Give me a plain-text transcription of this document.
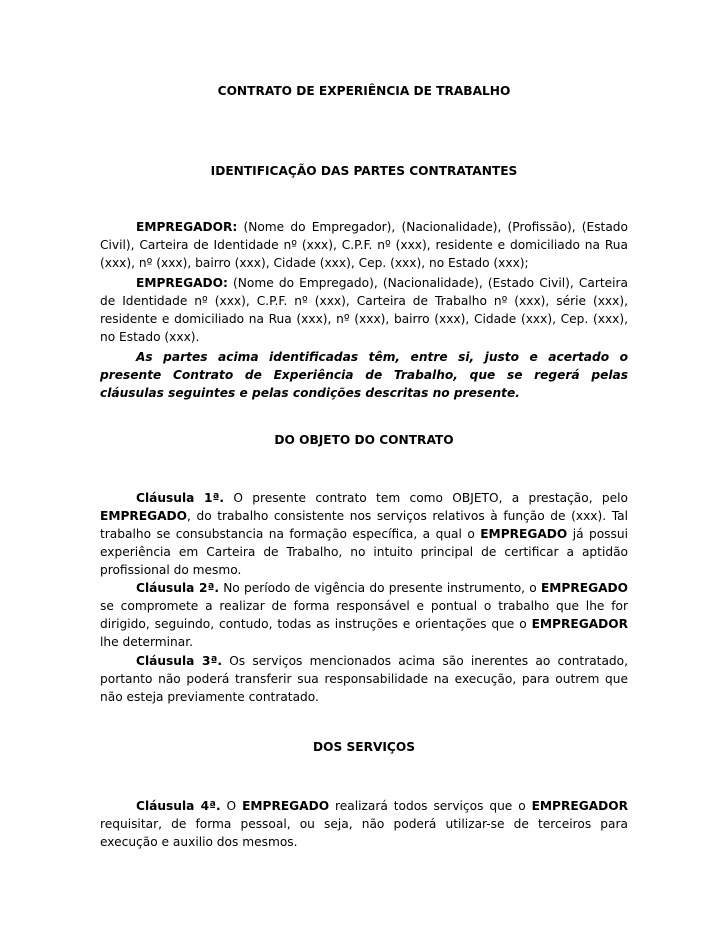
CONTRATO DE EXPERIÊNCIA DE TRABALHO
IDENTIFICAÇÃO DAS PARTES CONTRATANTES

EMPREGADOR: (Nome do Empregador), (Nacionalidade), (Profissão), (Estado Civil), Carteira de Identidade nº (xxx), C.P.F. nº (xxx), residente e domiciliado na Rua (xxx), nº (xxx), bairro (xxx), Cidade (xxx), Cep. (xxx), no Estado (xxx);

EMPREGADO: (Nome do Empregado), (Nacionalidade), (Estado Civil), Carteira de Identidade nº (xxx), C.P.F. nº (xxx), Carteira de Trabalho nº (xxx), série (xxx), residente e domiciliado na Rua (xxx), nº (xxx), bairro (xxx), Cidade (xxx), Cep. (xxx), no Estado (xxx).

As partes acima identificadas têm, entre si, justo e acertado o presente Contrato de Experiência de Trabalho, que se regerá pelas cláusulas seguintes e pelas condições descritas no presente.

DO OBJETO DO CONTRATO

Cláusula 1ª. O presente contrato tem como OBJETO, a prestação, pelo EMPREGADO, do trabalho consistente nos serviços relativos à função de (xxx). Tal trabalho se consubstancia na formação específica, a qual o EMPREGADO já possui experiência em Carteira de Trabalho, no intuito principal de certificar a aptidão profissional do mesmo.

Cláusula 2ª. No período de vigência do presente instrumento, o EMPREGADO se compromete a realizar de forma responsável e pontual o trabalho que lhe for dirigido, seguindo, contudo, todas as instruções e orientações que o EMPREGADOR lhe determinar.

Cláusula 3ª. Os serviços mencionados acima são inerentes ao contratado, portanto não poderá transferir sua responsabilidade na execução, para outrem que não esteja previamente contratado.

DOS SERVIÇOS

Cláusula 4ª. O EMPREGADO realizará todos serviços que o EMPREGADOR requisitar, de forma pessoal, ou seja, não poderá utilizar-se de terceiros para execução e auxilio dos mesmos.
